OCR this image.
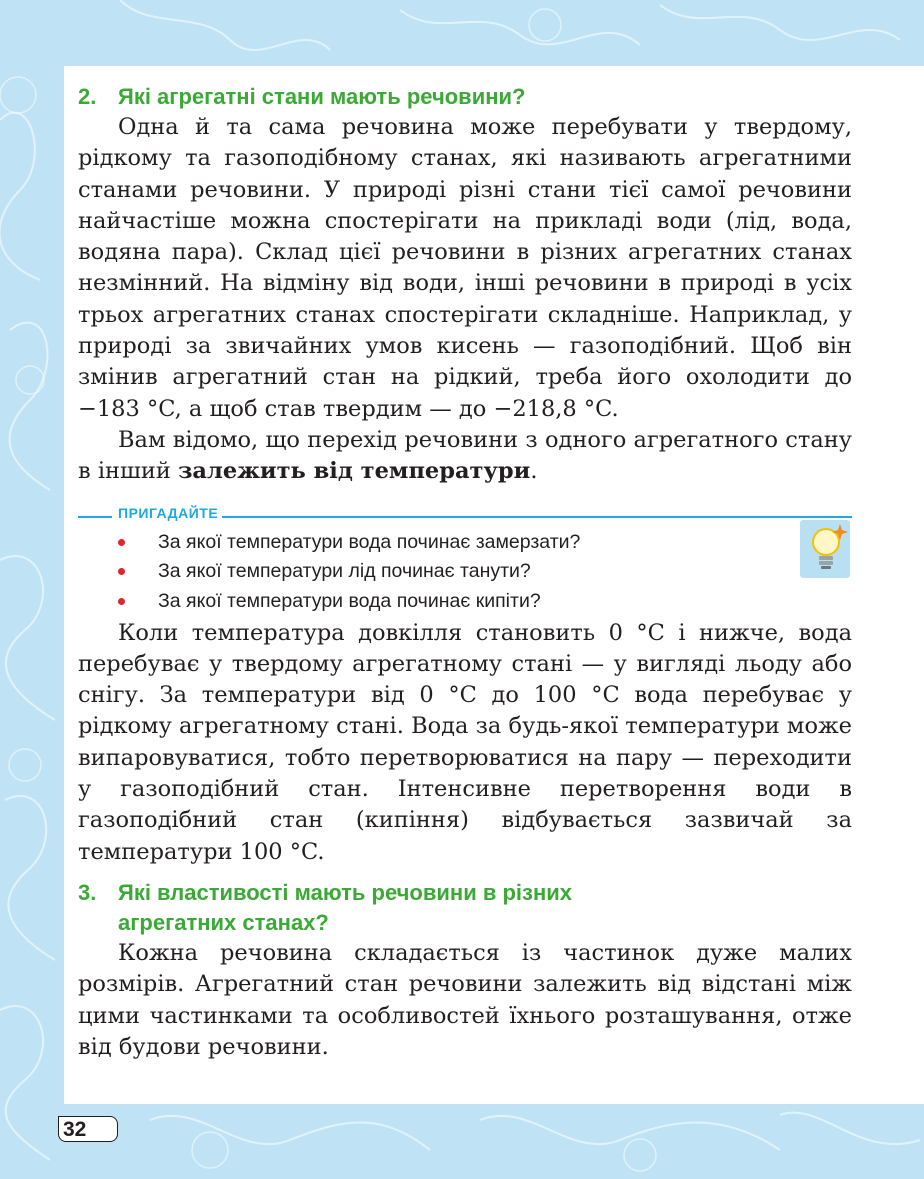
2. Які агрегатні стани мають речовини?

Одна й та сама речовина може перебувати у твердому, рідкому та газоподібному станах, які називають агрегатними станами речовини. У природі різні стани тієї самої речовини найчастіше можна спостерігати на прикладі води (лід, вода, водяна пара). Склад цієї речовини в різних агрегатних станах незмінний. На відміну від води, інші речовини в природі в усіх трьох агрегатних станах спостерігати складніше. Наприклад, у природі за звичайних умов кисень — газоподібний. Щоб він змінив агрегатний стан на рідкий, треба його охолодити до −183 °C, а щоб став твердим — до −218,8 °C.

Вам відомо, що перехід речовини з одного агрегатного стану в інший залежить від температури.

ПРИГАДАЙТЕ
За якої температури вода починає замерзати?
За якої температури лід починає танути?
За якої температури вода починає кипіти?

Коли температура довкілля становить 0 °C і нижче, вода перебуває у твердому агрегатному стані — у вигляді льоду або снігу. За температури від 0 °C до 100 °C вода перебуває у рідкому агрегатному стані. Вода за будь-якої температури може випаровуватися, тобто перетворюватися на пару — переходити у газоподібний стан. Інтенсивне перетворення води в газоподібний стан (кипіння) відбувається зазвичай за температури 100 °C.

3. Які властивості мають речовини в різних
агрегатних станах?

Кожна речовина складається із частинок дуже малих розмірів. Агрегатний стан речовини залежить від відстані між цими частинками та особливостей їхнього розташування, отже від будови речовини.

32
